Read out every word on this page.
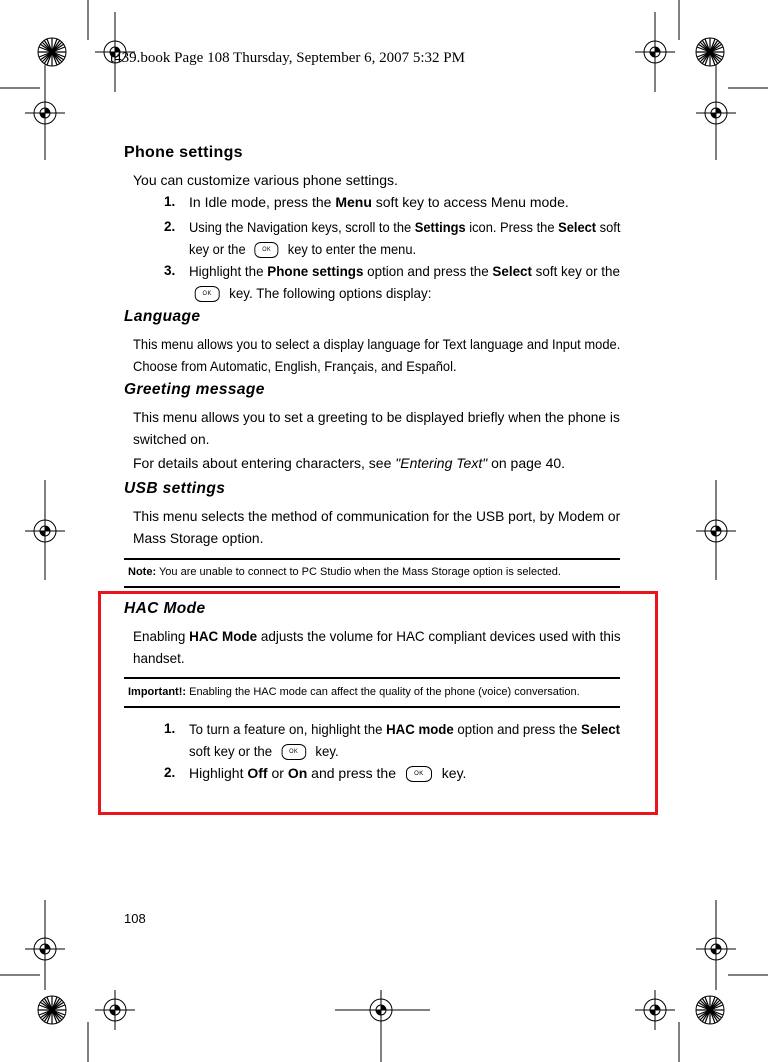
t439.book Page 108 Thursday, September 6, 2007 5:32 PM
Phone settings
You can customize various phone settings.
1. In Idle mode, press the Menu soft key to access Menu mode.
2. Using the Navigation keys, scroll to the Settings icon. Press the Select soft
key or the OK key to enter the menu.
3. Highlight the Phone settings option and press the Select soft key or the
OK key. The following options display:
Language
This menu allows you to select a display language for Text language and Input mode.
Choose from Automatic, English, Français, and Español.
Greeting message
This menu allows you to set a greeting to be displayed briefly when the phone is
switched on.
For details about entering characters, see "Entering Text" on page 40.
USB settings
This menu selects the method of communication for the USB port, by Modem or
Mass Storage option.
Note: You are unable to connect to PC Studio when the Mass Storage option is selected.
HAC Mode
Enabling HAC Mode adjusts the volume for HAC compliant devices used with this
handset.
Important!: Enabling the HAC mode can affect the quality of the phone (voice) conversation.
1. To turn a feature on, highlight the HAC mode option and press the Select
soft key or the OK key.
2. Highlight Off or On and press the OK key.
108
